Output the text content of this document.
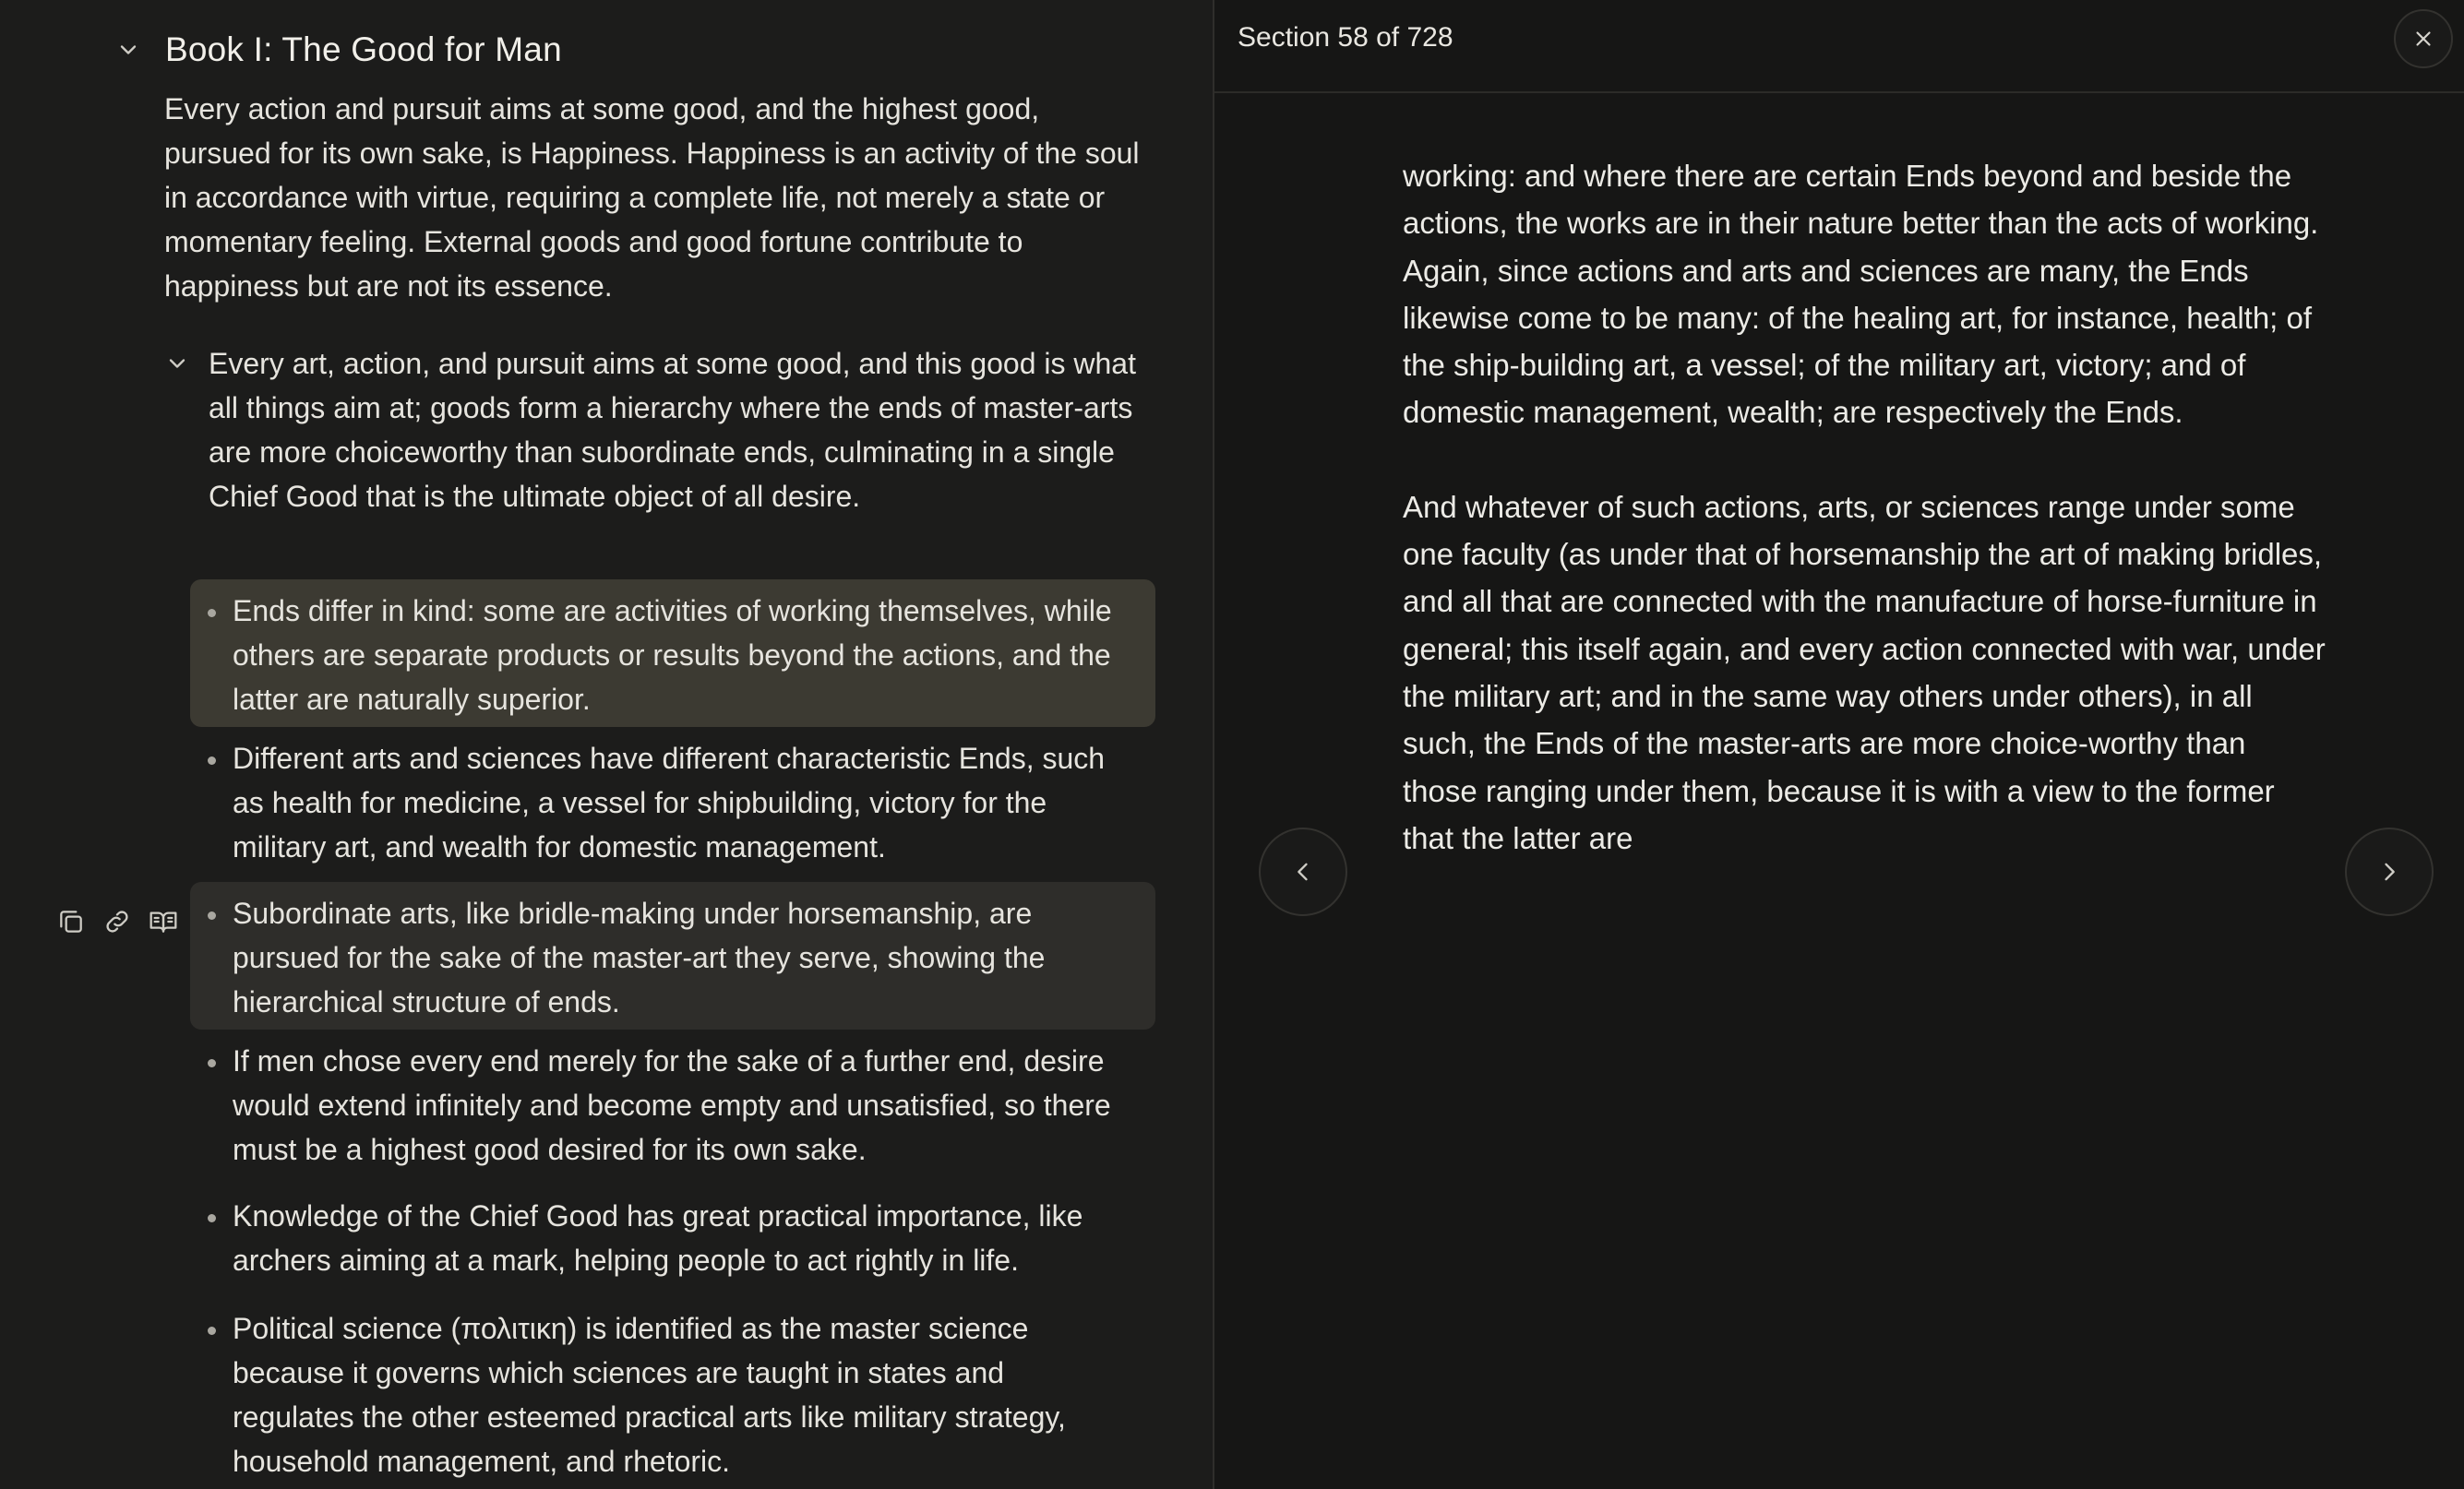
Book I: The Good for Man
Every action and pursuit aims at some good, and the highest good, pursued for its own sake, is Happiness. Happiness is an activity of the soul in accordance with virtue, requiring a complete life, not merely a state or momentary feeling. External goods and good fortune contribute to happiness but are not its essence.
Every art, action, and pursuit aims at some good, and this good is what all things aim at; goods form a hierarchy where the ends of master-arts are more choiceworthy than subordinate ends, culminating in a single Chief Good that is the ultimate object of all desire.
Ends differ in kind: some are activities of working themselves, while others are separate products or results beyond the actions, and the latter are naturally superior.
Different arts and sciences have different characteristic Ends, such as health for medicine, a vessel for shipbuilding, victory for the military art, and wealth for domestic management.
Subordinate arts, like bridle-making under horsemanship, are pursued for the sake of the master-art they serve, showing the hierarchical structure of ends.
If men chose every end merely for the sake of a further end, desire would extend infinitely and become empty and unsatisfied, so there must be a highest good desired for its own sake.
Knowledge of the Chief Good has great practical importance, like archers aiming at a mark, helping people to act rightly in life.
Political science (πολιτικη) is identified as the master science because it governs which sciences are taught in states and regulates the other esteemed practical arts like military strategy, household management, and rhetoric.
Section 58 of 728

working: and where there are certain Ends beyond and beside the actions, the works are in their nature better than the acts of working. Again, since actions and arts and sciences are many, the Ends likewise come to be many: of the healing art, for instance, health; of the ship-building art, a vessel; of the military art, victory; and of domestic management, wealth; are respectively the Ends.

And whatever of such actions, arts, or sciences range under some one faculty (as under that of horsemanship the art of making bridles, and all that are connected with the manufacture of horse-furniture in general; this itself again, and every action connected with war, under the military art; and in the same way others under others), in all such, the Ends of the master-arts are more choice-worthy than those ranging under them, because it is with a view to the former that the latter are
